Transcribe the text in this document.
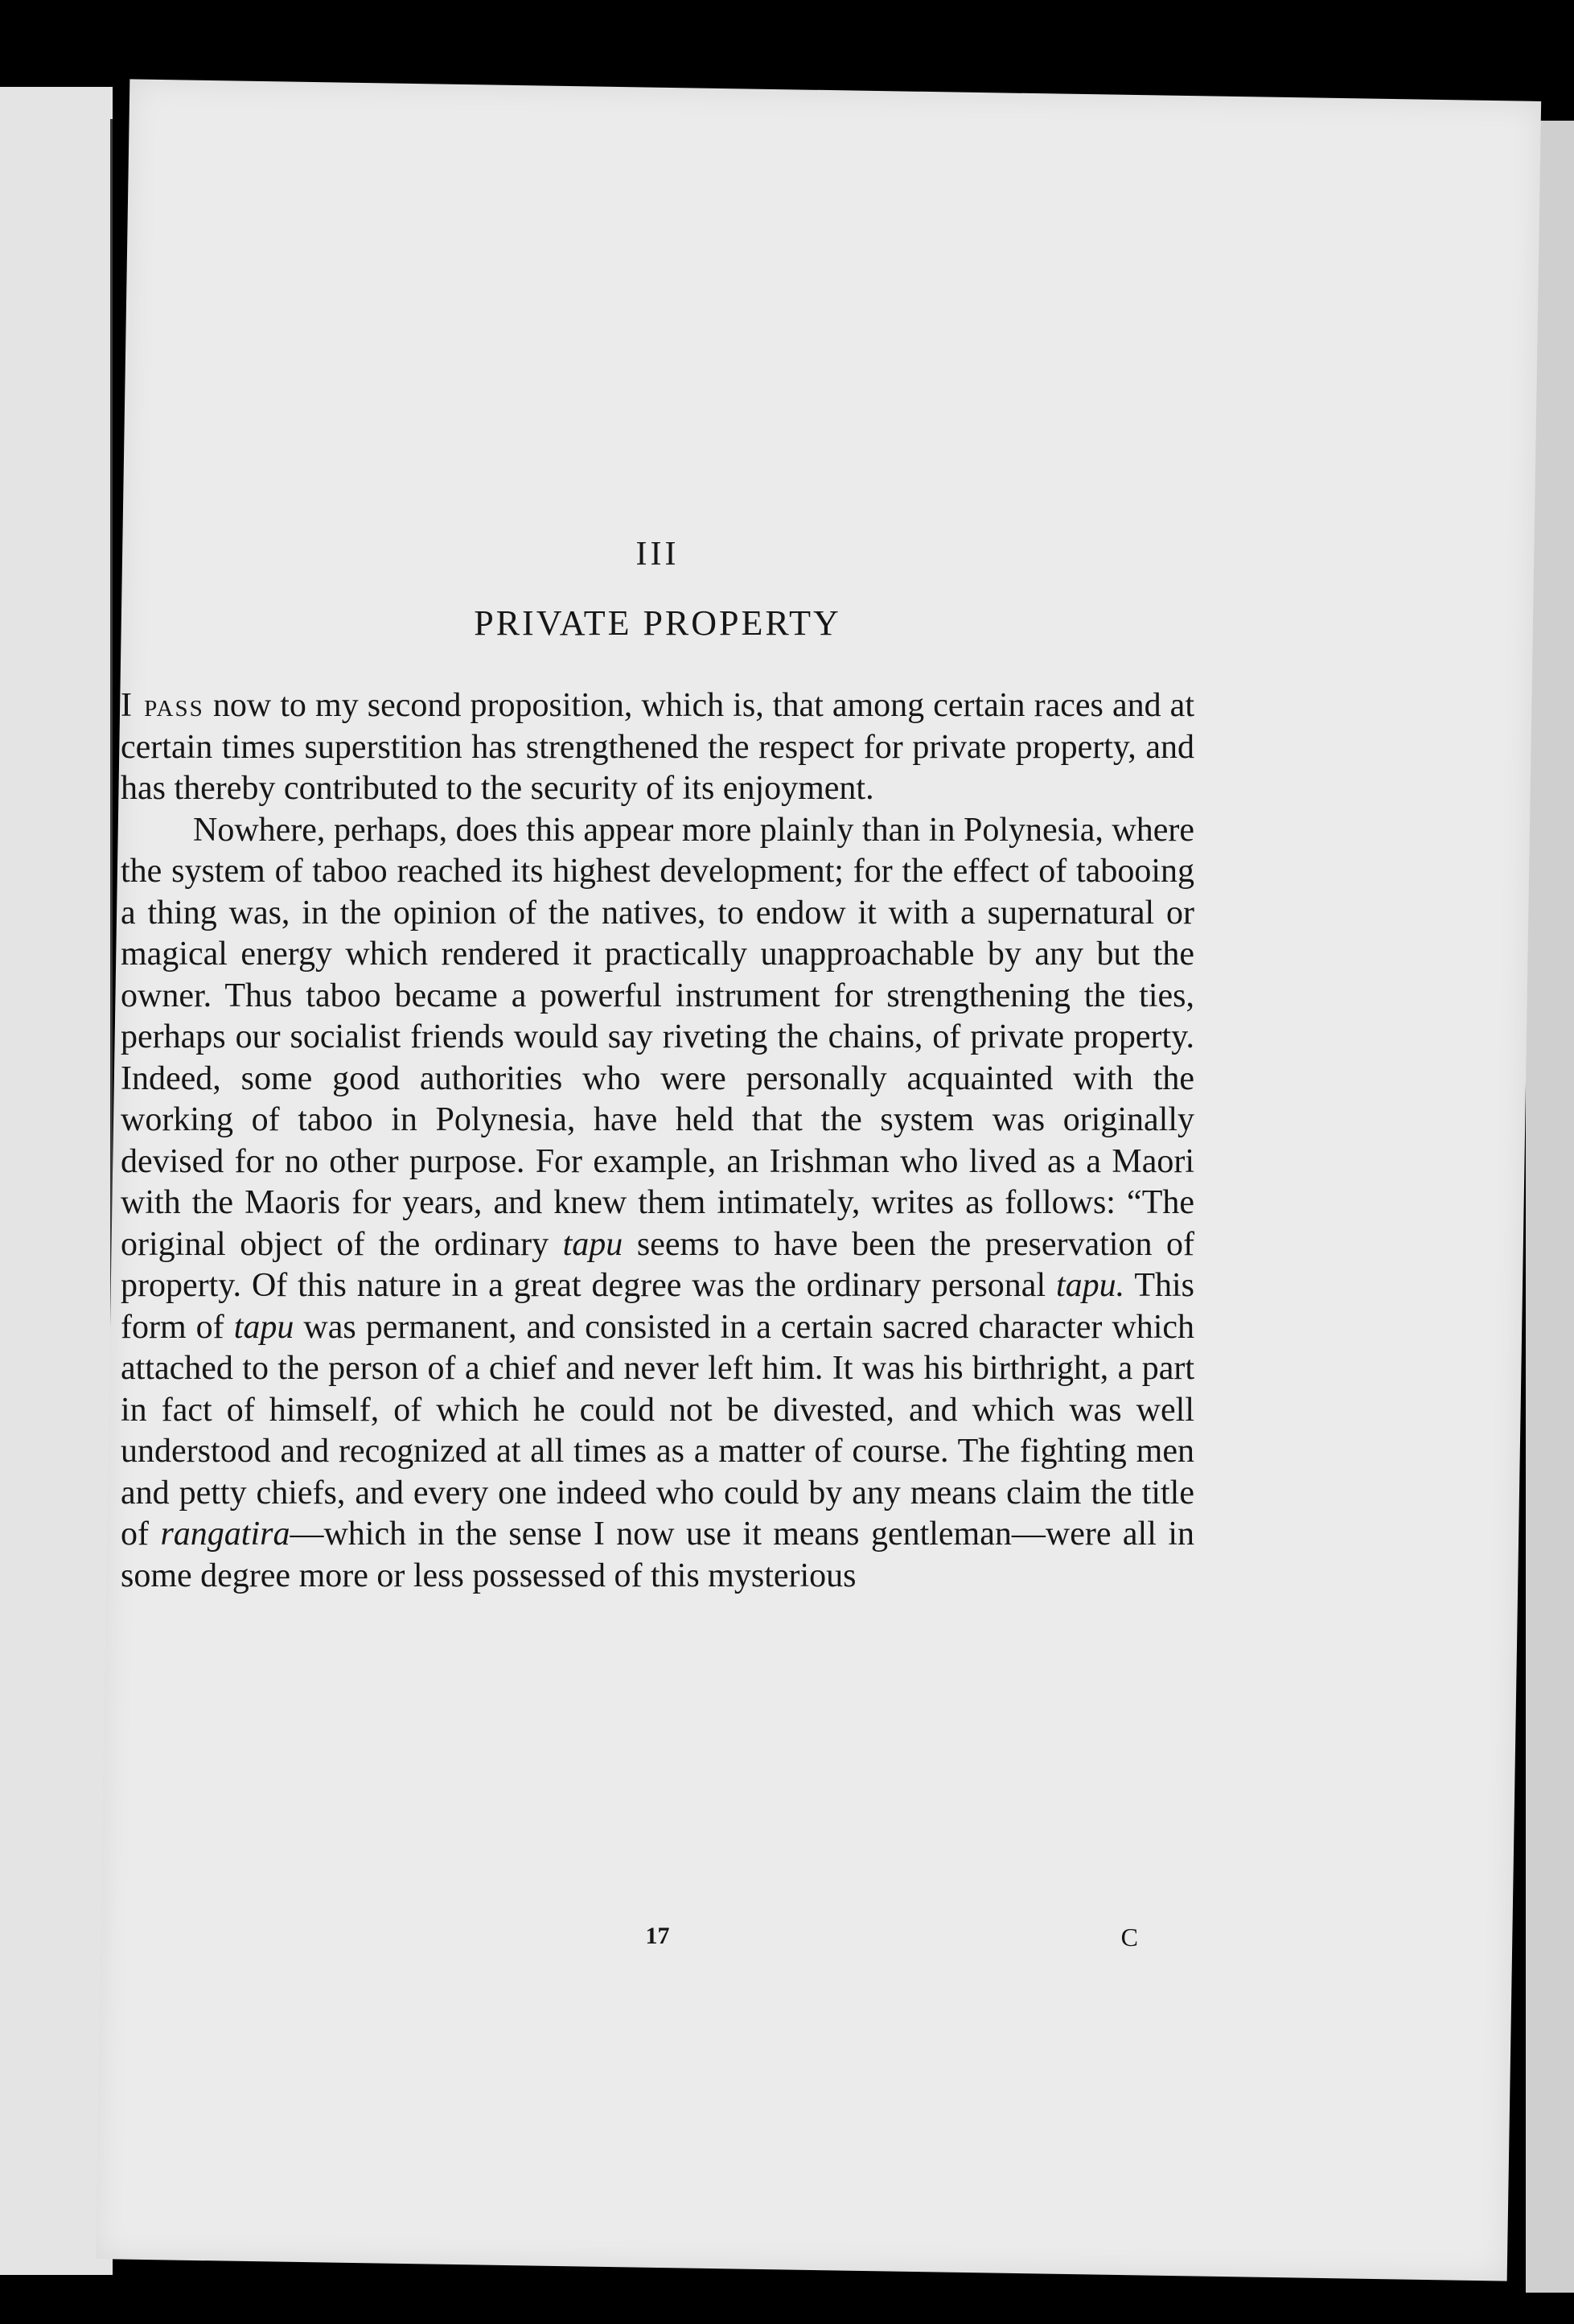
III
PRIVATE PROPERTY

I pass now to my second proposition, which is, that among certain races and at certain times superstition has strengthened the respect for private property, and has thereby contributed to the security of its enjoyment.

Nowhere, perhaps, does this appear more plainly than in Polynesia, where the system of taboo reached its highest development; for the effect of tabooing a thing was, in the opinion of the natives, to endow it with a supernatural or magical energy which rendered it practically unapproachable by any but the owner. Thus taboo became a powerful instrument for strengthening the ties, perhaps our socialist friends would say riveting the chains, of private property. Indeed, some good authorities who were personally acquainted with the working of taboo in Polynesia, have held that the system was originally devised for no other purpose. For example, an Irishman who lived as a Maori with the Maoris for years, and knew them intimately, writes as follows: “The original object of the ordinary tapu seems to have been the preservation of property. Of this nature in a great degree was the ordinary personal tapu. This form of tapu was permanent, and consisted in a certain sacred character which attached to the person of a chief and never left him. It was his birthright, a part in fact of himself, of which he could not be divested, and which was well understood and recognized at all times as a matter of course. The fighting men and petty chiefs, and every one indeed who could by any means claim the title of rangatira—which in the sense I now use it means gentleman—were all in some degree more or less possessed of this mysterious

17	C
